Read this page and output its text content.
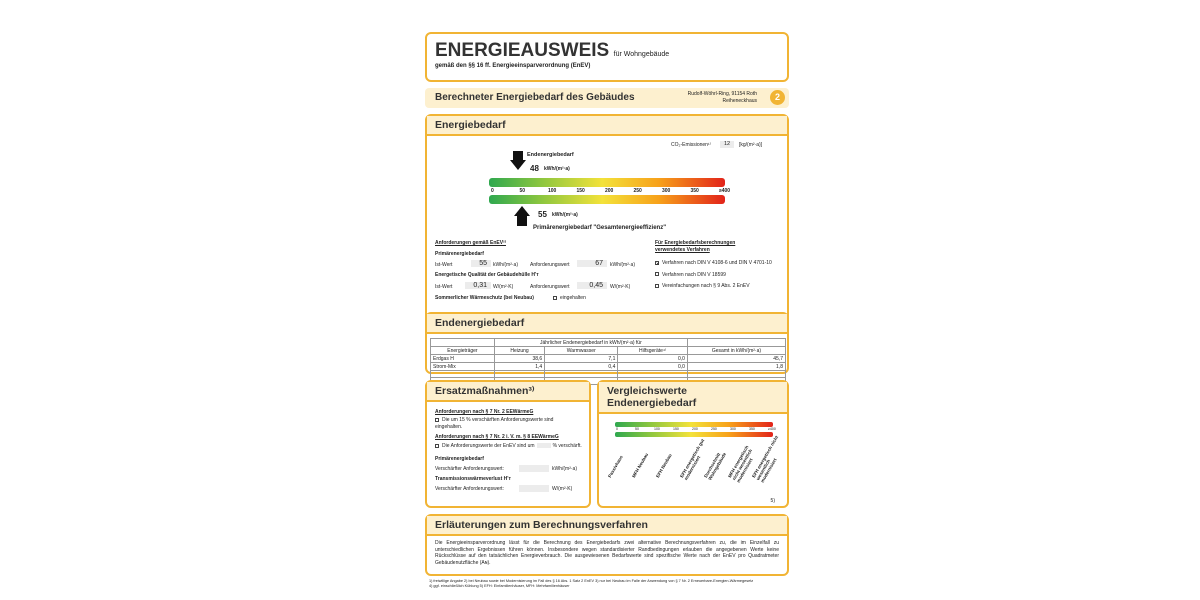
ENERGIEAUSWEIS für Wohngebäude
gemäß den §§ 16 ff. Energieeinsparverordnung (EnEV)
Berechneter Energiebedarf des Gebäudes	Rudolf-Wöhrl-Ring, 91154 Roth
Reiheneckhaus	2
Energiebedarf
CO₂-Emissionen¹⁾	12	[kg/(m²·a)]
Endenergiebedarf
48 kWh/(m²·a)
0	50	100	150	200	250	300	350	≥400
55 kWh/(m²·a)
Primärenergiebedarf "Gesamtenergieeffizienz"
Anforderungen gemäß EnEV²⁾
Primärenergiebedarf
Ist-Wert	55	kWh/(m²·a) Anforderungswert	67	kWh/(m²·a)
Energetische Qualität der Gebäudehülle H'ᴛ
Ist-Wert	0,31	W/(m²·K)	Anforderungswert	0,45	W/(m²·K)
Sommerlicher Wärmeschutz (bei Neubau)	eingehalten
Für Energiebedarfsberechnungen
verwendetes Verfahren
✕ Verfahren nach DIN V 4108-6 und DIN V 4701-10
Verfahren nach DIN V 18599
Vereinfachungen nach § 9 Abs. 2 EnEV
Endenergiebedarf
	Jährlicher Endenergiebedarf in kWh/(m²·a) für			
Energieträger	Heizung	Warmwasser	Hilfsgeräte⁴⁾	Gesamt in kWh/(m²·a)
Erdgas H	38,6	7,1	0,0	45,7
Strom-Mix	1,4	0,4	0,0	1,8

Ersatzmaßnahmen³⁾
Anforderungen nach § 7 Nr. 2 EEWärmeG
Die um 15 % verschärften Anforderungswerte sind eingehalten.
Anforderungen nach § 7 Nr. 2 i. V. m. § 8 EEWärmeG
Die Anforderungswerte der EnEV sind um	% verschärft.
Primärenergiebedarf
Verschärfter Anforderungswert:	kWh/(m²·a)
Transmissionswärmeverlust H'ᴛ
Verschärfter Anforderungswert:	W/(m²·K)
Vergleichswerte Endenergiebedarf
0	50	100	150	200	250	300	350	≥400
Passivhaus	MFH Neubau	EFH Neubau	EFH energetisch gut modernisiert Durchschnitt Wohngebäude MFH energetisch nicht wesentlich modernisiert
EFH energetisch nicht wesentlich modernisiert
5)
Erläuterungen zum Berechnungsverfahren
Die Energieeinsparverordnung lässt für die Berechnung des Energiebedarfs zwei alternative Berechnungsverfahren zu, die im Einzelfall zu unterschiedlichen Ergebnissen führen können. Insbesondere wegen standardisierter Randbedingungen erlauben die angegebenen Werte keine Rückschlüsse auf den tatsächlichen Energieverbrauch. Die ausgewiesenen Bedarfswerte sind spezifische Werte nach der EnEV pro Quadratmeter Gebäudenutzfläche (Aɴ).
1) freiwillige Angabe 2) bei Neubau sowie bei Modernisierung im Fall des § 16 Abs. 1 Satz 2 EnEV 3) nur bei Neubau im Falle der Anwendung von § 7 Nr. 2 Erneuerbare-Energien-Wärmegesetz
4) ggf. einschließlich Kühlung 5) EFH: Einfamilienhäuser, MFH: Mehrfamilienhäuser
